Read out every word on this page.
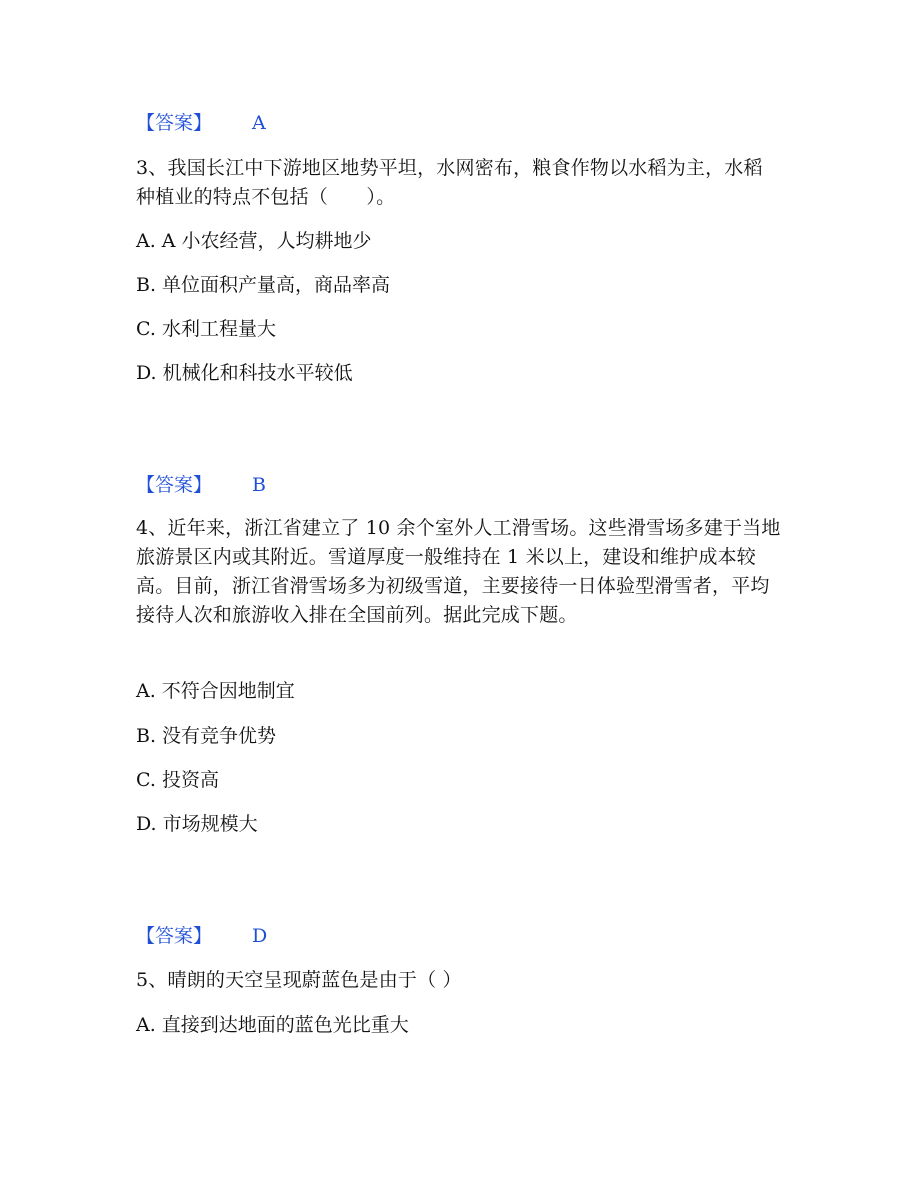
【答案】 A
3、我国长江中下游地区地势平坦，水网密布，粮食作物以水稻为主，水稻种植业的特点不包括（　　）。
A. A 小农经营，人均耕地少
B. 单位面积产量高，商品率高
C. 水利工程量大
D. 机械化和科技水平较低
【答案】 B
4、近年来，浙江省建立了 10 余个室外人工滑雪场。这些滑雪场多建于当地旅游景区内或其附近。雪道厚度一般维持在 1 米以上，建设和维护成本较高。目前，浙江省滑雪场多为初级雪道，主要接待一日体验型滑雪者，平均接待人次和旅游收入排在全国前列。据此完成下题。
A. 不符合因地制宜
B. 没有竞争优势
C. 投资高
D. 市场规模大
【答案】 D
5、晴朗的天空呈现蔚蓝色是由于（ ）
A. 直接到达地面的蓝色光比重大
